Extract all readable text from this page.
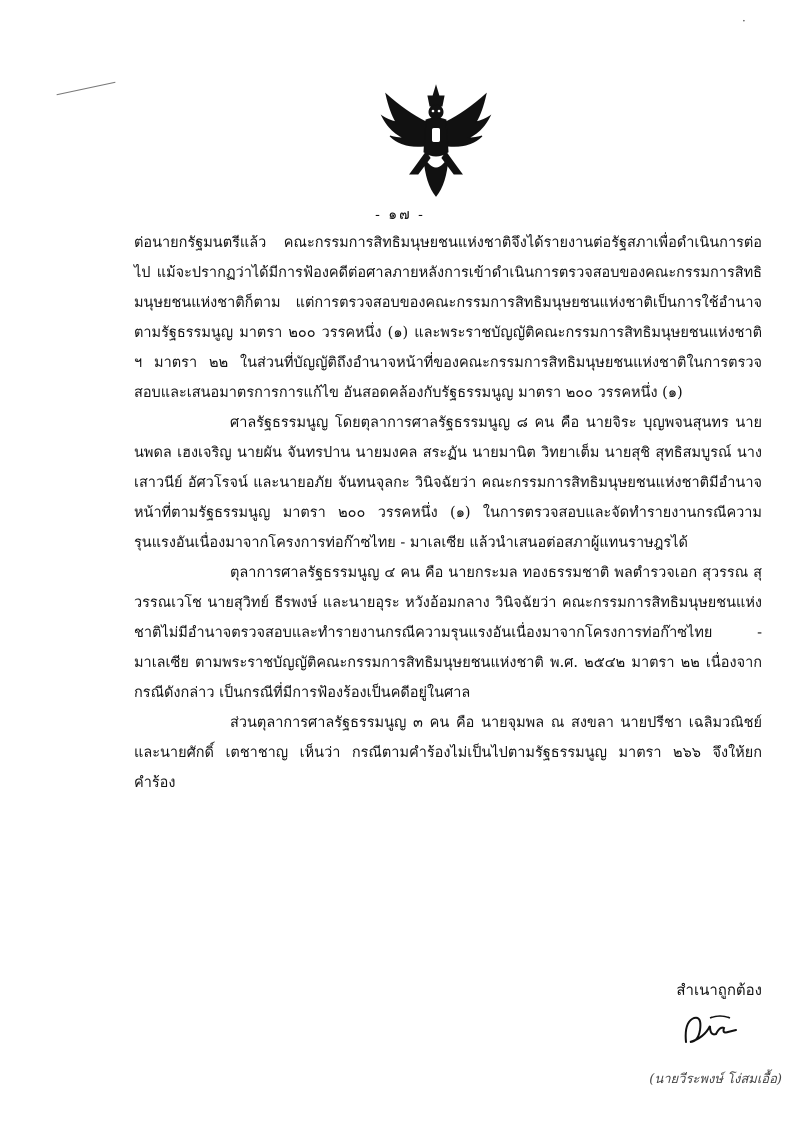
·
- ๑๗ -

ต่อนายกรัฐมนตรีแล้ว คณะกรรมการสิทธิมนุษยชนแห่งชาติจึงได้รายงานต่อรัฐสภาเพื่อดำเนินการต่อไป แม้จะปรากฏว่าได้มีการฟ้องคดีต่อศาลภายหลังการเข้าดำเนินการตรวจสอบของคณะกรรมการสิทธิมนุษยชนแห่งชาติก็ตาม แต่การตรวจสอบของคณะกรรมการสิทธิมนุษยชนแห่งชาติเป็นการใช้อำนาจตามรัฐธรรมนูญ มาตรา ๒๐๐ วรรคหนึ่ง (๑) และพระราชบัญญัติคณะกรรมการสิทธิมนุษยชนแห่งชาติ ฯ มาตรา ๒๒ ในส่วนที่บัญญัติถึงอำนาจหน้าที่ของคณะกรรมการสิทธิมนุษยชนแห่งชาติในการตรวจสอบและเสนอมาตรการการแก้ไข อันสอดคล้องกับรัฐธรรมนูญ มาตรา ๒๐๐ วรรคหนึ่ง (๑)

ศาลรัฐธรรมนูญ โดยตุลาการศาลรัฐธรรมนูญ ๘ คน คือ นายจิระ บุญพจนสุนทร นายนพดล เฮงเจริญ นายผัน จันทรปาน นายมงคล สระฏัน นายมานิต วิทยาเต็ม นายสุชิ สุทธิสมบูรณ์ นางเสาวนีย์ อัศวโรจน์ และนายอภัย จันทนจุลกะ วินิจฉัยว่า คณะกรรมการสิทธิมนุษยชนแห่งชาติมีอำนาจหน้าที่ตามรัฐธรรมนูญ มาตรา ๒๐๐ วรรคหนึ่ง (๑) ในการตรวจสอบและจัดทำรายงานกรณีความรุนแรงอันเนื่องมาจากโครงการท่อก๊าซไทย - มาเลเซีย แล้วนำเสนอต่อสภาผู้แทนราษฎรได้

ตุลาการศาลรัฐธรรมนูญ ๔ คน คือ นายกระมล ทองธรรมชาติ พลตำรวจเอก สุวรรณ สุวรรณเวโช นายสุวิทย์ ธีรพงษ์ และนายอุระ หวังอ้อมกลาง วินิจฉัยว่า คณะกรรมการสิทธิมนุษยชนแห่งชาติไม่มีอำนาจตรวจสอบและทำรายงานกรณีความรุนแรงอันเนื่องมาจากโครงการท่อก๊าซไทย - มาเลเซีย ตามพระราชบัญญัติคณะกรรมการสิทธิมนุษยชนแห่งชาติ พ.ศ. ๒๕๔๒ มาตรา ๒๒ เนื่องจากกรณีดังกล่าว เป็นกรณีที่มีการฟ้องร้องเป็นคดีอยู่ในศาล

ส่วนตุลาการศาลรัฐธรรมนูญ ๓ คน คือ นายจุมพล ณ สงขลา นายปรีชา เฉลิมวณิชย์ และนายศักดิ์ เตชาชาญ เห็นว่า กรณีตามคำร้องไม่เป็นไปตามรัฐธรรมนูญ มาตรา ๒๖๖ จึงให้ยกคำร้อง

สำเนาถูกต้อง
(นายวีระพงษ์ โง่สมเอื้อ)
